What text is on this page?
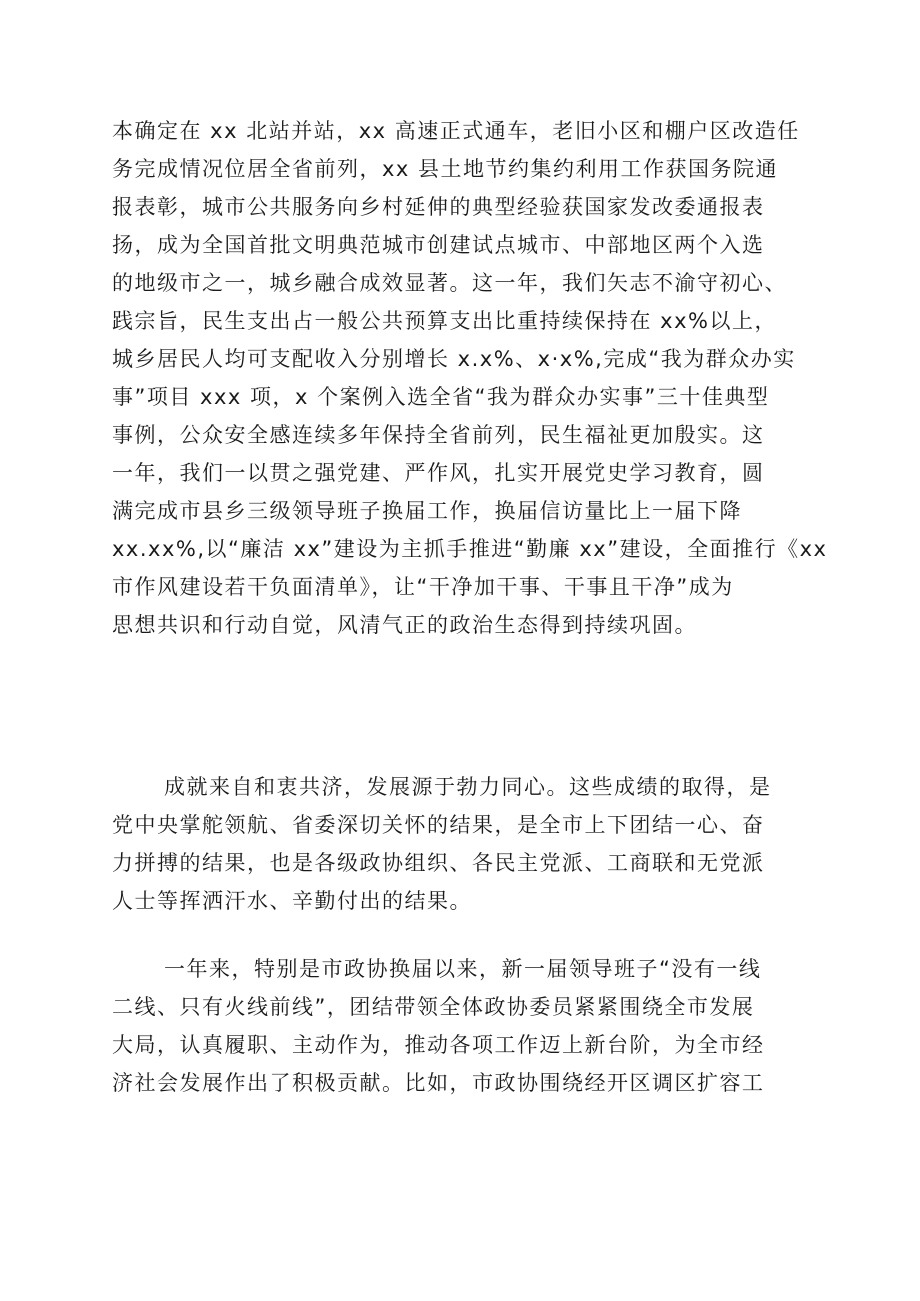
本确定在 xx 北站并站，xx 高速正式通车，老旧小区和棚户区改造任
务完成情况位居全省前列，xx 县土地节约集约利用工作获国务院通
报表彰，城市公共服务向乡村延伸的典型经验获国家发改委通报表
扬，成为全国首批文明典范城市创建试点城市、中部地区两个入选
的地级市之一，城乡融合成效显著。这一年，我们矢志不渝守初心、
践宗旨，民生支出占一般公共预算支出比重持续保持在 xx%以上，
城乡居民人均可支配收入分别增长 x.x%、x·x%,完成“我为群众办实
事”项目 xxx 项，x 个案例入选全省“我为群众办实事”三十佳典型
事例，公众安全感连续多年保持全省前列，民生福祉更加殷实。这
一年，我们一以贯之强党建、严作风，扎实开展党史学习教育，圆
满完成市县乡三级领导班子换届工作，换届信访量比上一届下降
xx.xx%,以“廉洁 xx”建设为主抓手推进“勤廉 xx”建设，全面推行《xx
市作风建设若干负面清单》，让“干净加干事、干事且干净”成为
思想共识和行动自觉，风清气正的政治生态得到持续巩固。
成就来自和衷共济，发展源于勃力同心。这些成绩的取得，是
党中央掌舵领航、省委深切关怀的结果，是全市上下团结一心、奋
力拼搏的结果，也是各级政协组织、各民主党派、工商联和无党派
人士等挥洒汗水、辛勤付出的结果。
一年来，特别是市政协换届以来，新一届领导班子“没有一线
二线、只有火线前线”，团结带领全体政协委员紧紧围绕全市发展
大局，认真履职、主动作为，推动各项工作迈上新台阶，为全市经
济社会发展作出了积极贡献。比如，市政协围绕经开区调区扩容工
